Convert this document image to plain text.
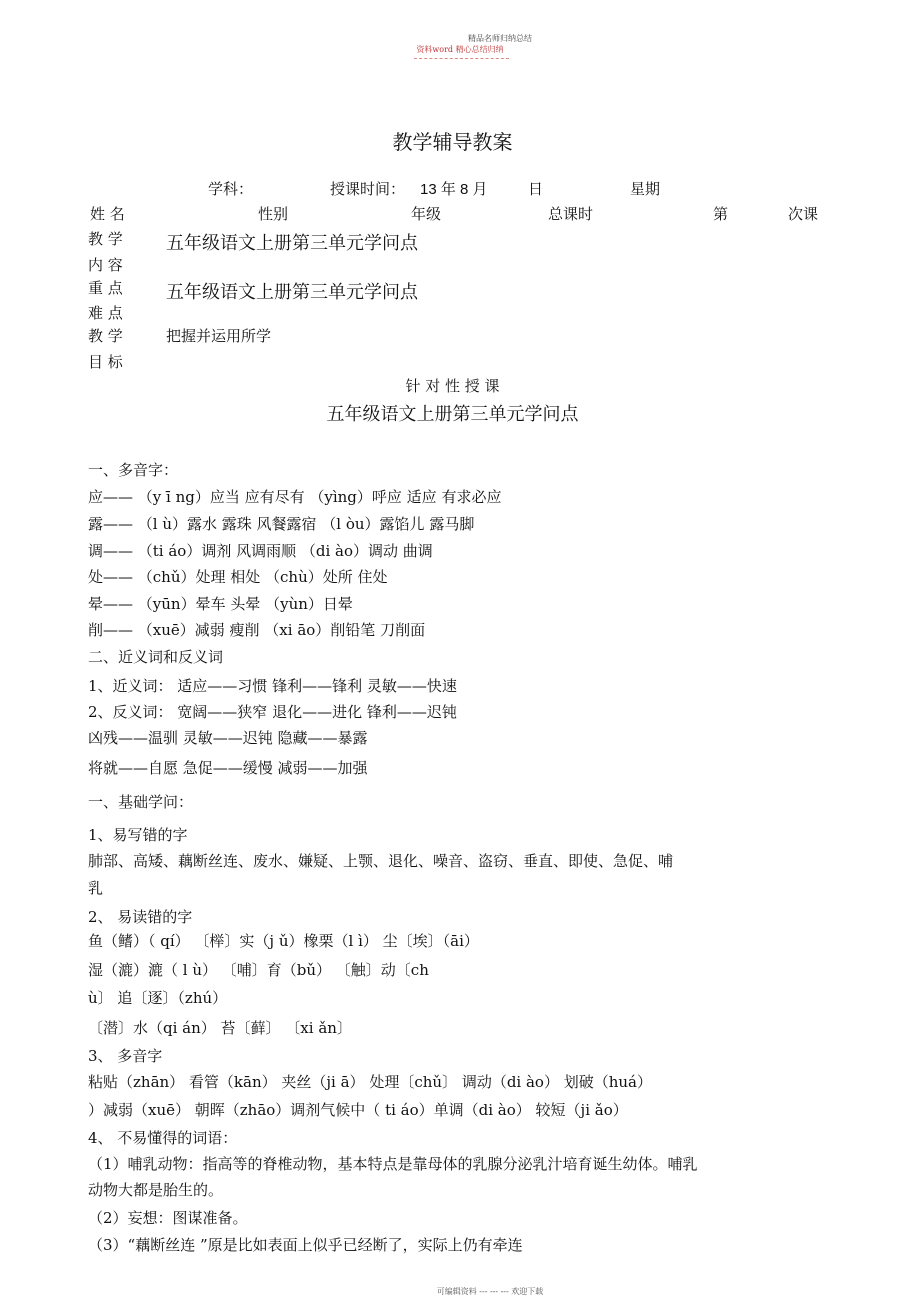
精品名师归纳总结
资料word 精心总结归纳
教学辅导教案
学科：	授课时间： 13 年 8 月	日	星期
姓 名	性别	年级	总课时	第	次课
教 学
内 容
五年级语文上册第三单元学问点
重 点
难 点
五年级语文上册第三单元学问点
教 学
目 标
把握并运用所学
针 对 性 授 课
五年级语文上册第三单元学问点
一、多音字：
应—— （y ī ng）应当 应有尽有 （yìng）呼应 适应 有求必应
露—— （l ù）露水 露珠 风餐露宿 （l òu）露馅儿 露马脚
调—— （ti áo）调剂 风调雨顺 （di ào）调动 曲调
处—— （chǔ）处理 相处 （chù）处所 住处
晕—— （yūn）晕车 头晕 （yùn）日晕
削—— （xuē）减弱 瘦削 （xi āo）削铅笔 刀削面
二、近义词和反义词
1、近义词： 适应——习惯 锋利——锋利 灵敏——快速
2、反义词： 宽阔——狭窄 退化——进化 锋利——迟钝
凶残——温驯 灵敏——迟钝 隐藏——暴露
将就——自愿 急促——缓慢 减弱——加强
一、基础学问：
1、易写错的字
肺部、高矮、藕断丝连、废水、嫌疑、上颚、退化、噪音、盗窃、垂直、即使、急促、哺
乳
2、 易读错的字
鱼（鳍）（ qí） 〔榉〕实（j ǔ）橡栗（l ì） 尘〔埃〕（āi）
湿（漉）漉（ l ù） 〔哺〕育（bǔ） 〔触〕动〔ch
ù〕 追〔逐〕（zhú）
〔潜〕水（qi án） 苔〔藓〕 〔xi ǎn〕
3、 多音字
粘贴（zhān） 看管（kān） 夹丝（ji ā） 处理〔chǔ〕 调动（di ào） 划破（huá）
）减弱（xuē） 朝晖（zhāo）调剂气候中（ ti áo）单调（di ào） 较短（ji ǎo）
4、 不易懂得的词语：
（1）哺乳动物：指高等的脊椎动物，基本特点是靠母体的乳腺分泌乳汁培育诞生幼体。哺乳
动物大都是胎生的。
（2）妄想：图谋准备。
（3）“藕断丝连 ”原是比如表面上似乎已经断了，实际上仍有牵连
可编辑资料 --- --- --- 欢迎下载
